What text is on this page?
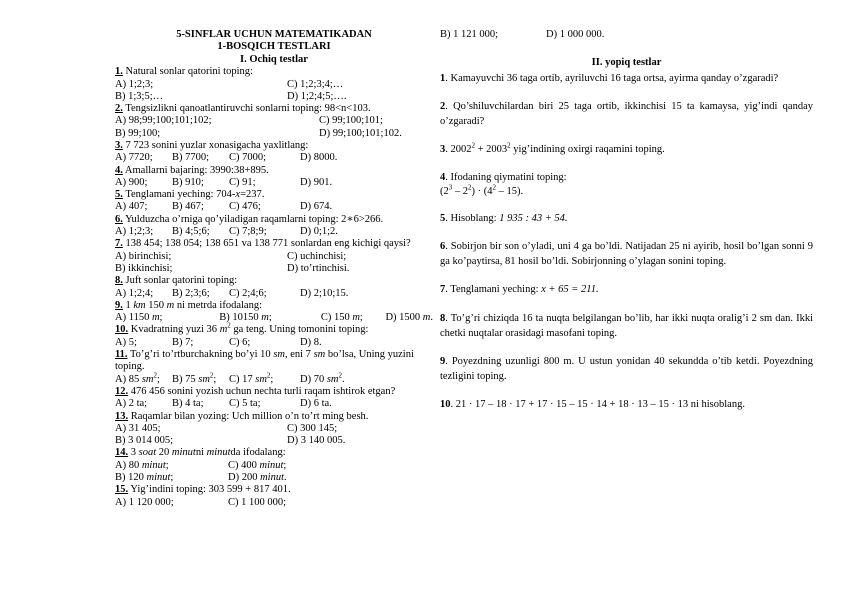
5-SINFLAR UCHUN MATEMATIKADAN
1-BOSQICH TESTLARI
I. Ochiq testlar
1. Natural sonlar qatorini toping:
A) 1;2;3;	C) 1;2;3;4;…
B) 1;3;5;…	D) 1;2;4;5;….
2. Tengsizlikni qanoatlantiruvchi sonlarni toping: 98<n<103.
A) 98;99;100;101;102;	C) 99;100;101;
B) 99;100;	D) 99;100;101;102.
3. 7 723 sonini yuzlar xonasigacha yaxlitlang:
A) 7720;	B) 7700;	C) 7000;	D) 8000.
4. Amallarni bajaring: 3990:38+895.
A) 900;	B) 910;	C) 91;	D) 901.
5. Tenglamani yeching: 704-x=237.
A) 407;	B) 467;	C) 476;	D) 674.
6. Yulduzcha o’rniga qo’yiladigan raqamlarni toping: 2∗6>266.
A) 1;2;3;	B) 4;5;6;	C) 7;8;9;	D) 0;1;2.
7. 138 454; 138 054; 138 651 va 138 771 sonlardan eng kichigi qaysi?
A) birinchisi;	C) uchinchisi;
B) ikkinchisi;	D) to’rtinchisi.
8. Juft sonlar qatorini toping:
A) 1;2;4;	B) 2;3;6;	C) 2;4;6;	D) 2;10;15.
9. 1 km 150 m ni metrda ifodalang:
A) 1150 m;	B) 10150 m;	C) 150 m;	D) 1500 m.
10. Kvadratning yuzi 36 $m^2$ ga teng. Uning tomonini toping:
A) 5;	B) 7;	C) 6;	D) 8.
11. To’g’ri to’rtburchakning bo’yi 10 sm, eni 7 sm bo’lsa, Uning yuzini
toping.
A) 85 $sm^2$;	B) 75 $sm^2$;	C) 17 $sm^2$;	D) 70 $sm^2$.
12. 476 456 sonini yozish uchun nechta turli raqam ishtirok etgan?
A) 2 ta;	B) 4 ta;	C) 5 ta;	D) 6 ta.
13. Raqamlar bilan yozing: Uch million o’n to’rt ming besh.
A) 31 405;	C) 300 145;
B) 3 014 005;	D) 3 140 005.
14. 3 soat 20 minutni minutda ifodalang:
A) 80 minut;	C) 400 minut;
B) 120 minut;	D) 200 minut.
15. Yig’indini toping: 303 599 + 817 401.
A) 1 120 000;	C) 1 100 000;
B) 1 121 000;	D) 1 000 000.
II. yopiq testlar
1. Kamayuvchi 36 taga ortib, ayriluvchi 16 taga ortsa, ayirma qanday o’zgaradi?
2. Qo’shiluvchilardan biri 25 taga ortib, ikkinchisi 15 ta kamaysa, yig’indi qanday o’zgaradi?
3. $2002^2 + 2003^2$ yig’indining oxirgi raqamini toping.
4. Ifodaning qiymatini toping:
$(2^3 - 2^2) \cdot (4^2 - 15)$.
5. Hisoblang: 1 935 : 43 + 54.
6. Sobirjon bir son o’yladi, uni 4 ga bo’ldi. Natijadan 25 ni ayirib, hosil bo’lgan sonni 9 ga ko’paytirsa, 81 hosil bo’ldi. Sobirjonning o’ylagan sonini toping.
7. Tenglamani yeching: x + 65 = 211.
8. To’g’ri chiziqda 16 ta nuqta belgilangan bo’lib, har ikki nuqta oralig’i 2 sm dan. Ikki chetki nuqtalar orasidagi masofani toping.
9. Poyezdning uzunligi 800 m. U ustun yonidan 40 sekundda o’tib ketdi. Poyezdning tezligini toping.
10. 21 · 17 – 18 · 17 + 17 · 15 – 15 · 14 + 18 · 13 – 15 · 13 ni hisoblang.
